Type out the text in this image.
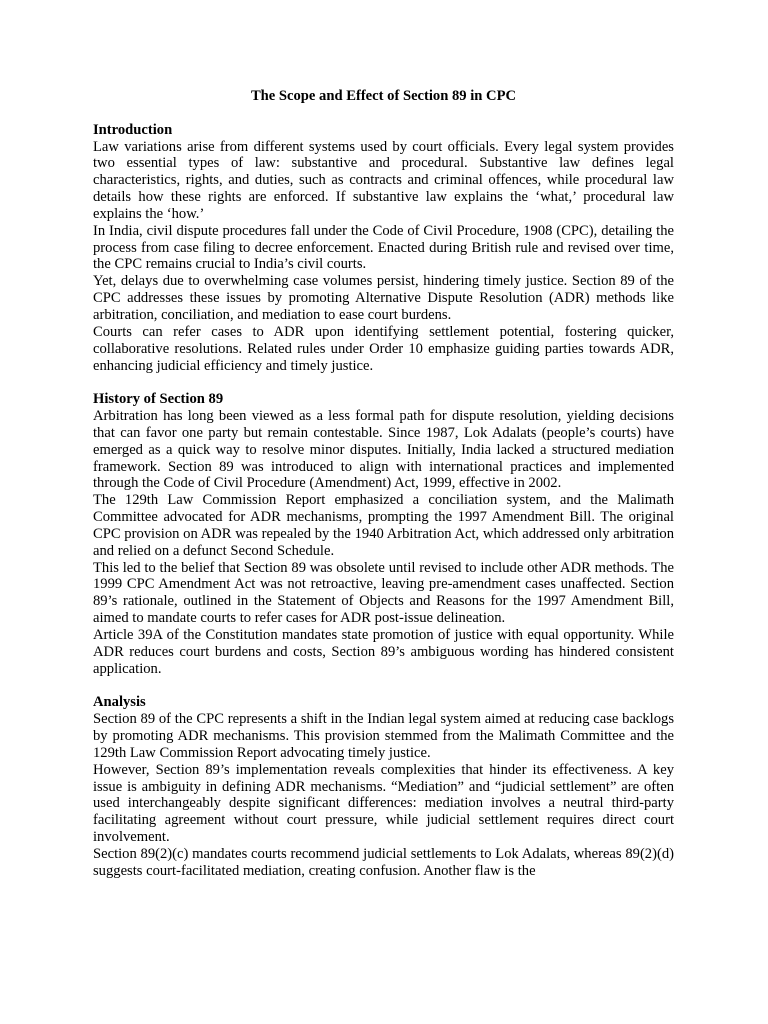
The Scope and Effect of Section 89 in CPC
Introduction

Law variations arise from different systems used by court officials. Every legal system provides two essential types of law: substantive and procedural. Substantive law defines legal characteristics, rights, and duties, such as contracts and criminal offences, while procedural law details how these rights are enforced. If substantive law explains the ‘what,’ procedural law explains the ‘how.’

In India, civil dispute procedures fall under the Code of Civil Procedure, 1908 (CPC), detailing the process from case filing to decree enforcement. Enacted during British rule and revised over time, the CPC remains crucial to India’s civil courts.

Yet, delays due to overwhelming case volumes persist, hindering timely justice. Section 89 of the CPC addresses these issues by promoting Alternative Dispute Resolution (ADR) methods like arbitration, conciliation, and mediation to ease court burdens.

Courts can refer cases to ADR upon identifying settlement potential, fostering quicker, collaborative resolutions. Related rules under Order 10 emphasize guiding parties towards ADR, enhancing judicial efficiency and timely justice.

History of Section 89

Arbitration has long been viewed as a less formal path for dispute resolution, yielding decisions that can favor one party but remain contestable. Since 1987, Lok Adalats (people’s courts) have emerged as a quick way to resolve minor disputes. Initially, India lacked a structured mediation framework. Section 89 was introduced to align with international practices and implemented through the Code of Civil Procedure (Amendment) Act, 1999, effective in 2002.

The 129th Law Commission Report emphasized a conciliation system, and the Malimath Committee advocated for ADR mechanisms, prompting the 1997 Amendment Bill. The original CPC provision on ADR was repealed by the 1940 Arbitration Act, which addressed only arbitration and relied on a defunct Second Schedule.

This led to the belief that Section 89 was obsolete until revised to include other ADR methods. The 1999 CPC Amendment Act was not retroactive, leaving pre-amendment cases unaffected. Section 89’s rationale, outlined in the Statement of Objects and Reasons for the 1997 Amendment Bill, aimed to mandate courts to refer cases for ADR post-issue delineation.

Article 39A of the Constitution mandates state promotion of justice with equal opportunity. While ADR reduces court burdens and costs, Section 89’s ambiguous wording has hindered consistent application.

Analysis

Section 89 of the CPC represents a shift in the Indian legal system aimed at reducing case backlogs by promoting ADR mechanisms. This provision stemmed from the Malimath Committee and the 129th Law Commission Report advocating timely justice.

However, Section 89’s implementation reveals complexities that hinder its effectiveness. A key issue is ambiguity in defining ADR mechanisms. “Mediation” and “judicial settlement” are often used interchangeably despite significant differences: mediation involves a neutral third-party facilitating agreement without court pressure, while judicial settlement requires direct court involvement.

Section 89(2)(c) mandates courts recommend judicial settlements to Lok Adalats, whereas 89(2)(d) suggests court-facilitated mediation, creating confusion. Another flaw is the
